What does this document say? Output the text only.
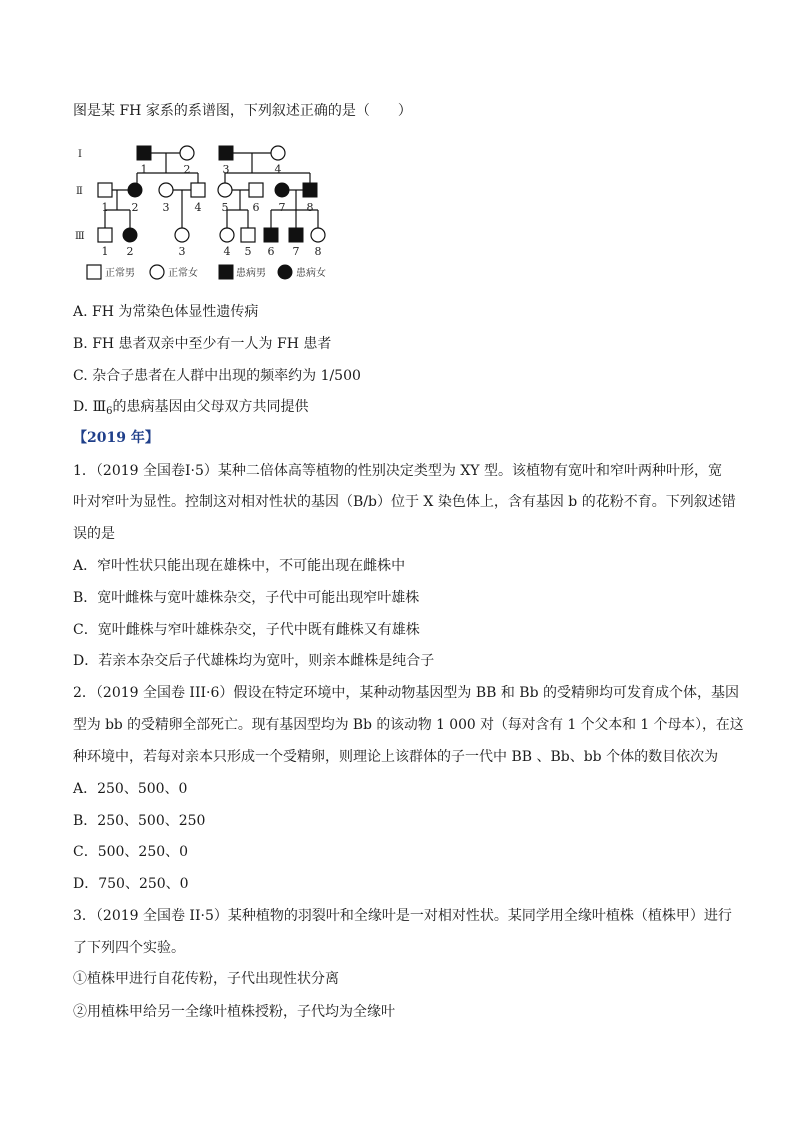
图是某 FH 家系的系谱图，下列叙述正确的是（　　）
Ⅰ
Ⅱ
Ⅲ
1	2	3	4
1 2 3 4 5 6 7 8
1 2	3	4 5 6 7 8
正常男	正常女	患病男	患病女
A. FH 为常染色体显性遗传病
B. FH 患者双亲中至少有一人为 FH 患者
C. 杂合子患者在人群中出现的频率约为 1/500
D. $Ⅲ_6$的患病基因由父母双方共同提供
【2019 年】
1．（2019 全国卷Ⅰ·5）某种二倍体高等植物的性别决定类型为 XY 型。该植物有宽叶和窄叶两种叶形，宽
叶对窄叶为显性。控制这对相对性状的基因（B/b）位于 X 染色体上，含有基因 b 的花粉不育。下列叙述错
误的是
A．窄叶性状只能出现在雄株中，不可能出现在雌株中
B．宽叶雌株与宽叶雄株杂交，子代中可能出现窄叶雄株
C．宽叶雌株与窄叶雄株杂交，子代中既有雌株又有雄株
D．若亲本杂交后子代雄株均为宽叶，则亲本雌株是纯合子
2．（2019 全国卷 III·6）假设在特定环境中，某种动物基因型为 BB 和 Bb 的受精卵均可发育成个体，基因
型为 bb 的受精卵全部死亡。现有基因型均为 Bb 的该动物 1 000 对（每对含有 1 个父本和 1 个母本），在这
种环境中，若每对亲本只形成一个受精卵，则理论上该群体的子一代中 BB 、Bb、bb 个体的数目依次为
A．250、500、0
B．250、500、250
C．500、250、0
D．750、250、0
3．（2019 全国卷 II·5）某种植物的羽裂叶和全缘叶是一对相对性状。某同学用全缘叶植株（植株甲）进行
了下列四个实验。
①植株甲进行自花传粉，子代出现性状分离
②用植株甲给另一全缘叶植株授粉，子代均为全缘叶
